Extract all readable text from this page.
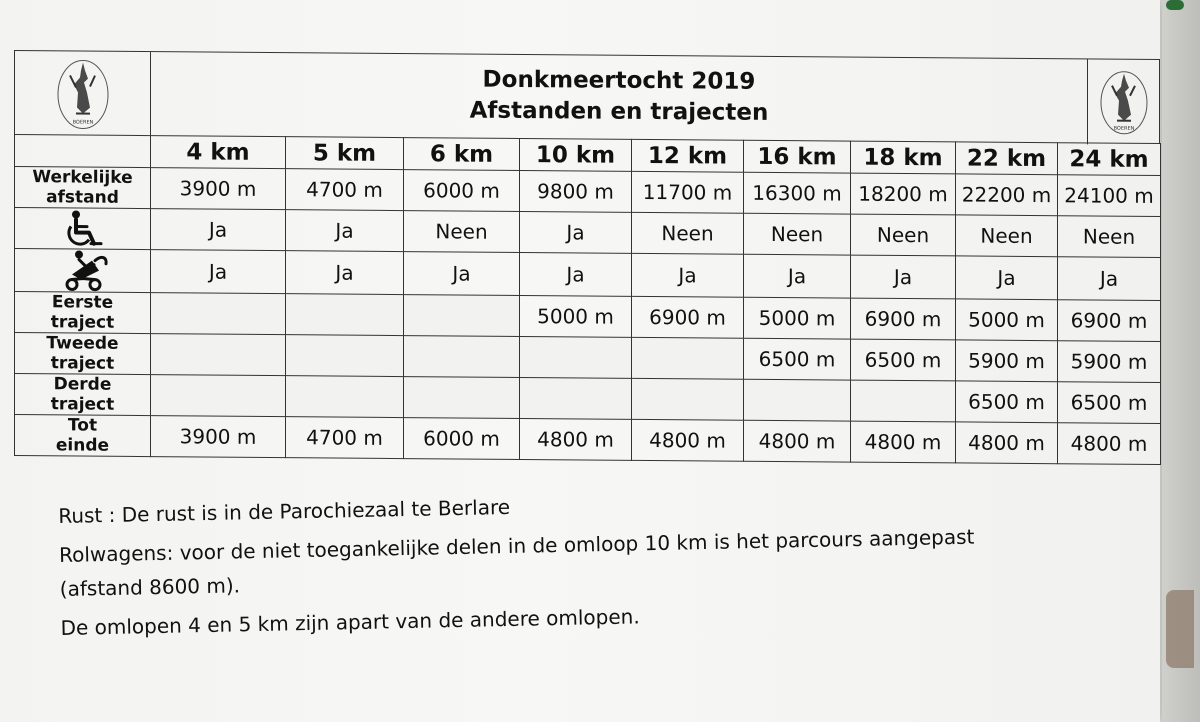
BOEREN
Donkmeertocht 2019
Afstanden en trajecten
BOEREN
	4 km	5 km	6 km	10 km	12 km	16 km	18 km	22 km	24 km

Werkelijke
afstand	3900 m	4700 m	6000 m	9800 m	11700 m	16300 m	18200 m	22200 m	24100 m

	Ja	Ja	Neen	Ja	Neen	Neen	Neen	Neen	Neen

	Ja	Ja	Ja	Ja	Ja	Ja	Ja	Ja	Ja

Eerste
traject				5000 m	6900 m	5000 m	6900 m	5000 m	6900 m

Tweede
traject						6500 m	6500 m	5900 m	5900 m

Derde
traject								6500 m	6500 m

Tot
einde	3900 m	4700 m	6000 m	4800 m	4800 m	4800 m	4800 m	4800 m	4800 m
Rust : De rust is in de Parochiezaal te Berlare
Rolwagens: voor de niet toegankelijke delen in de omloop 10 km is het parcours aangepast
(afstand 8600 m).
De omlopen 4 en 5 km zijn apart van de andere omlopen.
